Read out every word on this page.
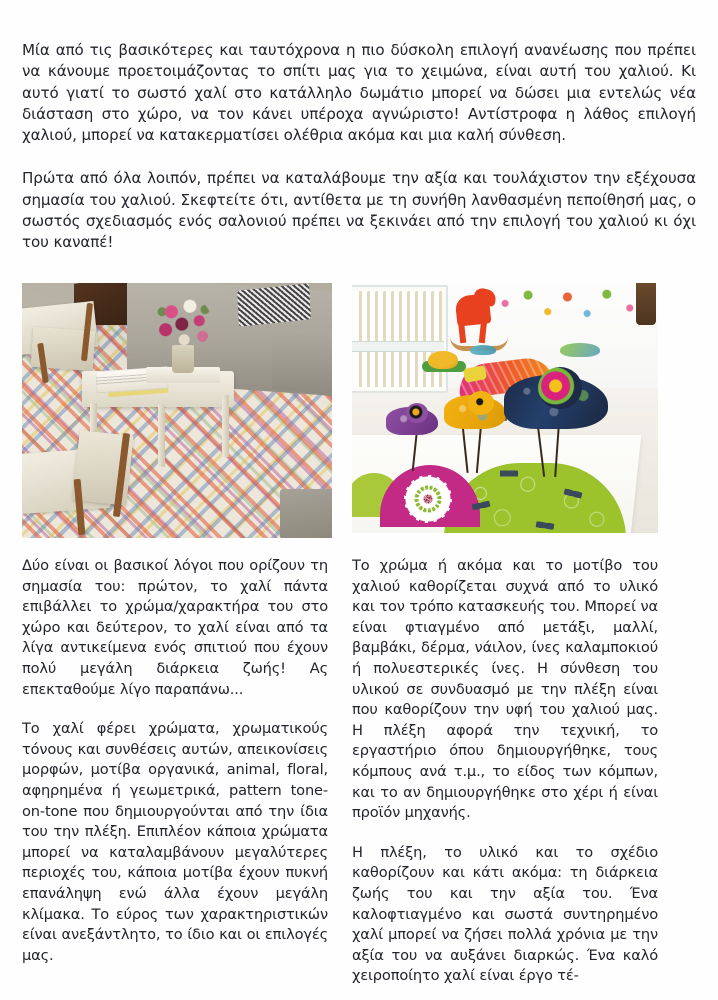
Μία από τις βασικότερες και ταυτόχρονα η πιο δύσκολη επιλογή ανανέωσης που πρέπει να κάνουμε προετοιμάζοντας το σπίτι μας για το χειμώνα, είναι αυτή του χαλιού. Κι αυτό γιατί το σωστό χαλί στο κατάλληλο δωμάτιο μπορεί να δώσει μια εντελώς νέα διάσταση στο χώρο, να τον κάνει υπέροχα αγνώριστο! Αντίστροφα η λάθος επιλογή χαλιού, μπορεί να κατακερματίσει ολέθρια ακόμα και μια καλή σύνθεση.

Πρώτα από όλα λοιπόν, πρέπει να καταλάβουμε την αξία και τουλάχιστον την εξέχουσα σημασία του χαλιού. Σκεφτείτε ότι, αντίθετα με τη συνήθη λανθασμένη πεποίθησή μας, ο σωστός σχεδιασμός ενός σαλονιού πρέπει να ξεκινάει από την επιλογή του χαλιού κι όχι του καναπέ!

Δύο είναι οι βασικοί λόγοι που ορίζουν τη σημασία του: πρώτον, το χαλί πάντα επιβάλλει το χρώμα/χαρακτήρα του στο χώρο και δεύτερον, το χαλί είναι από τα λίγα αντικείμενα ενός σπιτιού που έχουν πολύ μεγάλη διάρκεια ζωής! Ας επεκταθούμε λίγο παραπάνω...

Το χαλί φέρει χρώματα, χρωματικούς τόνους και συνθέσεις αυτών, απεικονίσεις μορφών, μοτίβα οργανικά, animal, floral, αφηρημένα ή γεωμετρικά, pattern tone-on-tone που δημιουργούνται από την ίδια του την πλέξη. Επιπλέον κάποια χρώματα μπορεί να καταλαμβάνουν μεγαλύτερες περιοχές του, κάποια μοτίβα έχουν πυκνή επανάληψη ενώ άλλα έχουν μεγάλη κλίμακα. Το εύρος των χαρακτηριστικών είναι ανεξάντλητο, το ίδιο και οι επιλογές μας.

Το χρώμα ή ακόμα και το μοτίβο του χαλιού καθορίζεται συχνά από το υλικό και τον τρόπο κατασκευής του. Μπορεί να είναι φτιαγμένο από μετάξι, μαλλί, βαμβάκι, δέρμα, νάιλον, ίνες καλαμποκιού ή πολυεστερικές ίνες. Η σύνθεση του υλικού σε συνδυασμό με την πλέξη είναι που καθορίζουν την υφή του χαλιού μας. Η πλέξη αφορά την τεχνική, το εργαστήριο όπου δημιουργήθηκε, τους κόμπους ανά τ.μ., το είδος των κόμπων, και το αν δημιουργήθηκε στο χέρι ή είναι προϊόν μηχανής.

Η πλέξη, το υλικό και το σχέδιο καθορίζουν και κάτι ακόμα: τη διάρκεια ζωής του και την αξία του. Ένα καλοφτιαγμένο και σωστά συντηρημένο χαλί μπορεί να ζήσει πολλά χρόνια με την αξία του να αυξάνει διαρκώς. Ένα καλό χειροποίητο χαλί είναι έργο τέ-
